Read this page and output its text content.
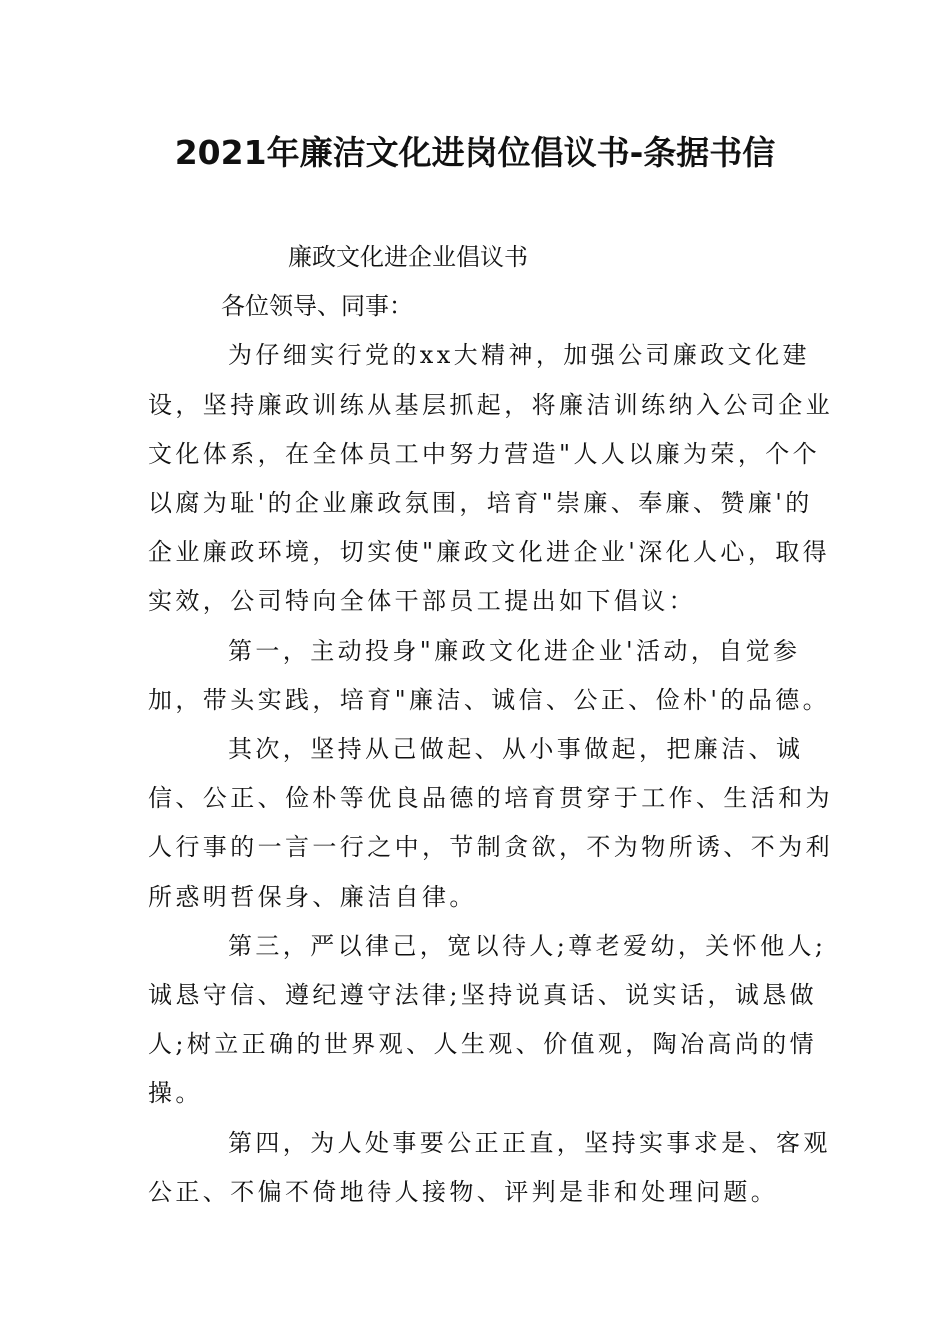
2021年廉洁文化进岗位倡议书-条据书信

廉政文化进企业倡议书

各位领导、同事：

为仔细实行党的xx大精神，加强公司廉政文化建设，坚持廉政训练从基层抓起，将廉洁训练纳入公司企业文化体系，在全体员工中努力营造"人人以廉为荣，个个以腐为耻'的企业廉政氛围，培育"崇廉、奉廉、赞廉'的企业廉政环境，切实使"廉政文化进企业'深化人心，取得实效，公司特向全体干部员工提出如下倡议：

第一，主动投身"廉政文化进企业'活动，自觉参加，带头实践，培育"廉洁、诚信、公正、俭朴'的品德。

其次，坚持从己做起、从小事做起，把廉洁、诚信、公正、俭朴等优良品德的培育贯穿于工作、生活和为人行事的一言一行之中，节制贪欲，不为物所诱、不为利所惑明哲保身、廉洁自律。

第三，严以律己，宽以待人;尊老爱幼，关怀他人;诚恳守信、遵纪遵守法律;坚持说真话、说实话，诚恳做人;树立正确的世界观、人生观、价值观，陶冶高尚的情操。

第四，为人处事要公正正直，坚持实事求是、客观公正、不偏不倚地待人接物、评判是非和处理问题。
